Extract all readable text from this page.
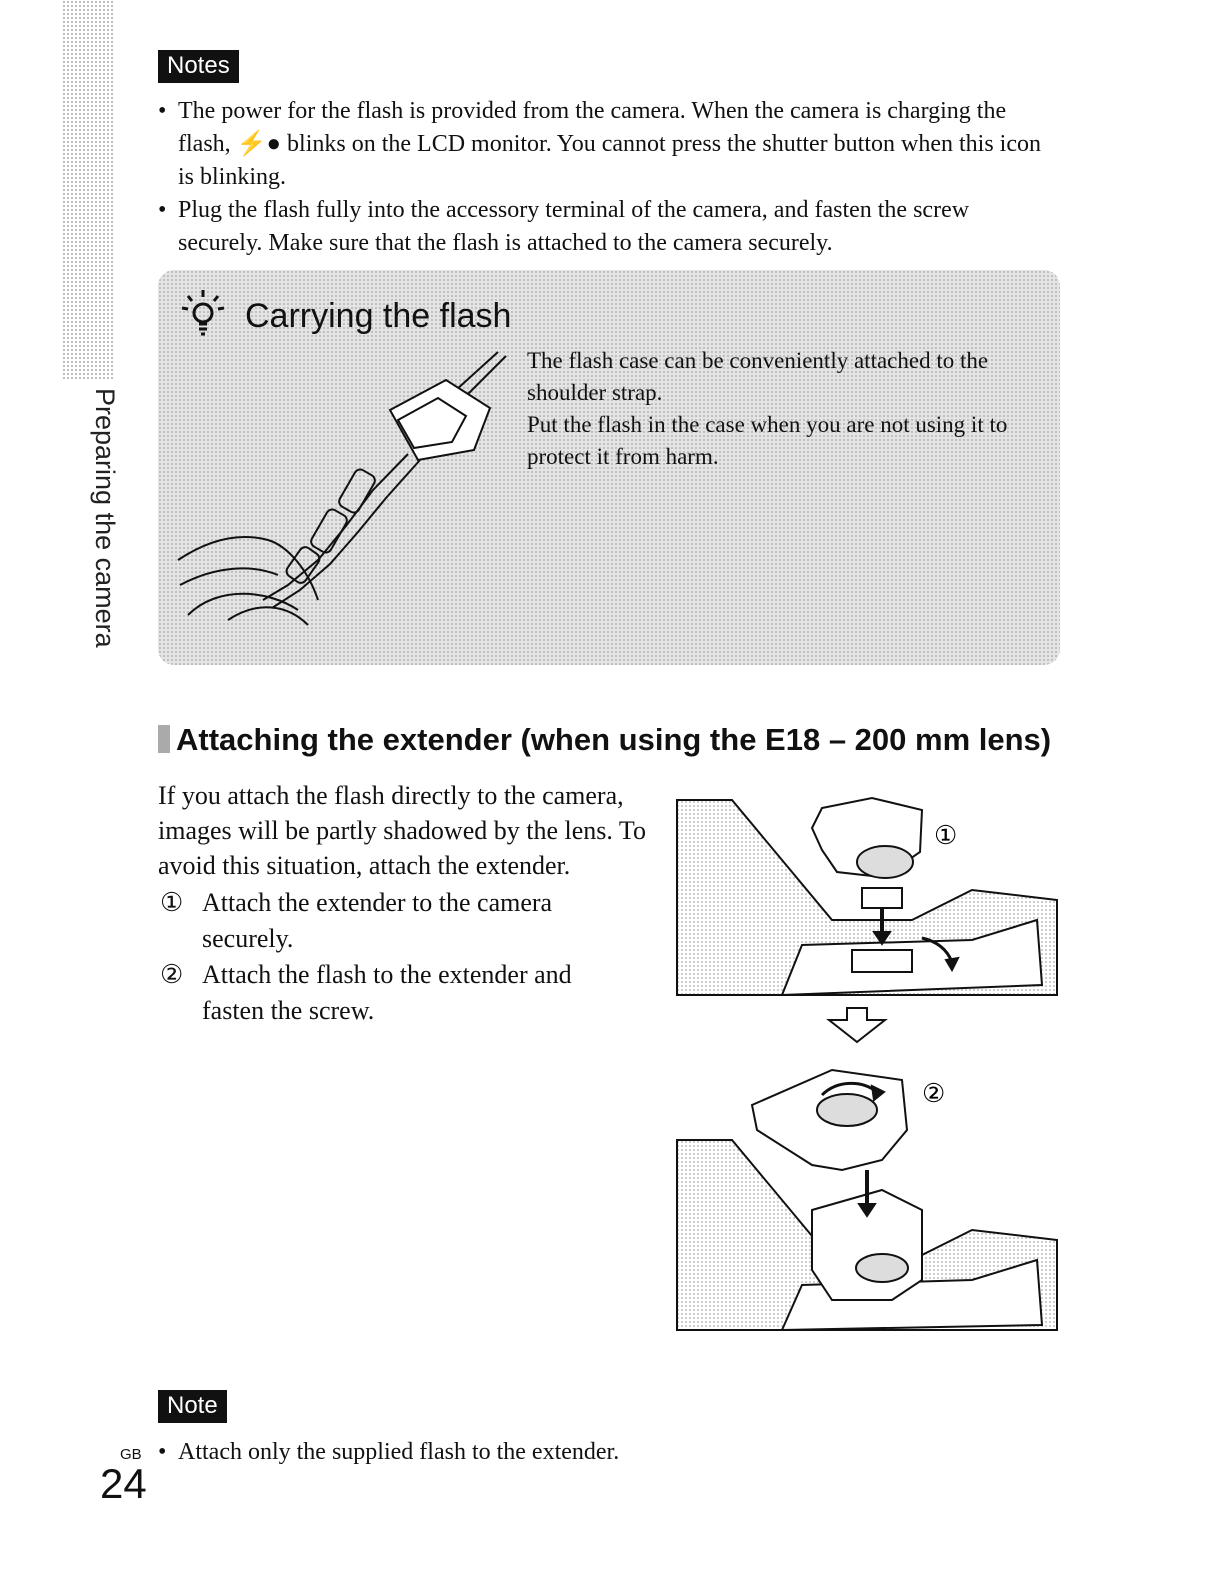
Notes
• The power for the flash is provided from the camera. When the camera is charging the flash, ⚡● blinks on the LCD monitor. You cannot press the shutter button when this icon is blinking.
• Plug the flash fully into the accessory terminal of the camera, and fasten the screw securely. Make sure that the flash is attached to the camera securely.
Preparing the camera
Carrying the flash
The flash case can be conveniently attached to the shoulder strap.
Put the flash in the case when you are not using it to protect it from harm.
Attaching the extender (when using the E18 – 200 mm lens)
If you attach the flash directly to the camera, images will be partly shadowed by the lens. To avoid this situation, attach the extender.
① Attach the extender to the camera securely.
② Attach the flash to the extender and fasten the screw.
①
②
Note
• Attach only the supplied flash to the extender.
GB
24
